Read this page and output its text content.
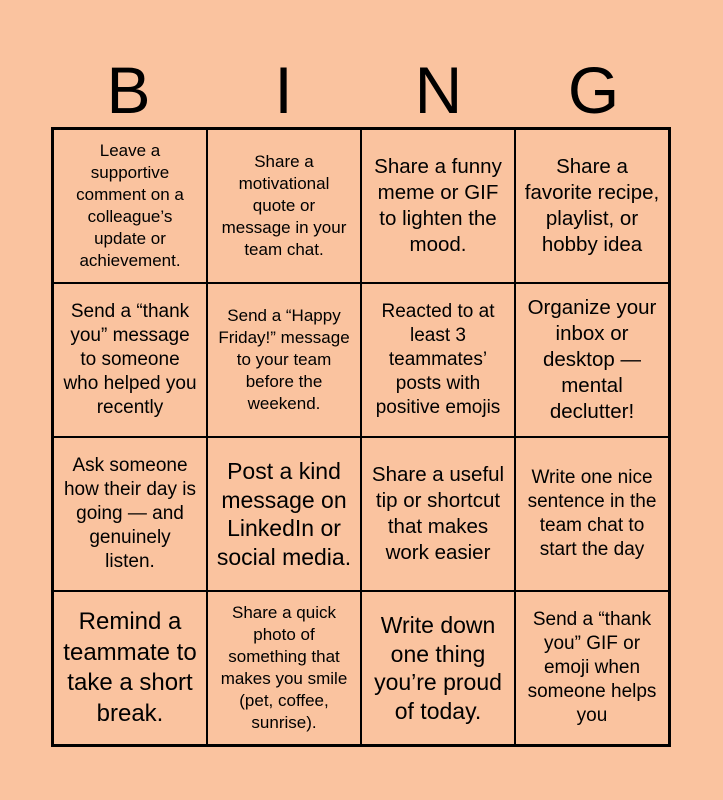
B	I	N	G
Leave a supportive comment on a colleague’s update or achievement.
Share a motivational quote or message in your team chat.
Share a funny meme or GIF to lighten the mood.
Share a favorite recipe, playlist, or hobby idea
Send a “thank you” message to someone who helped you recently
Send a “Happy Friday!” message to your team before the weekend.
Reacted to at least 3 teammates’ posts with positive emojis
Organize your inbox or desktop — mental declutter!
Ask someone how their day is going — and genuinely listen.
Post a kind message on LinkedIn or social media.
Share a useful tip or shortcut that makes work easier
Write one nice sentence in the team chat to start the day
Remind a teammate to take a short break.
Share a quick photo of something that makes you smile (pet, coffee, sunrise).
Write down one thing you’re proud of today.
Send a “thank you” GIF or emoji when someone helps you
